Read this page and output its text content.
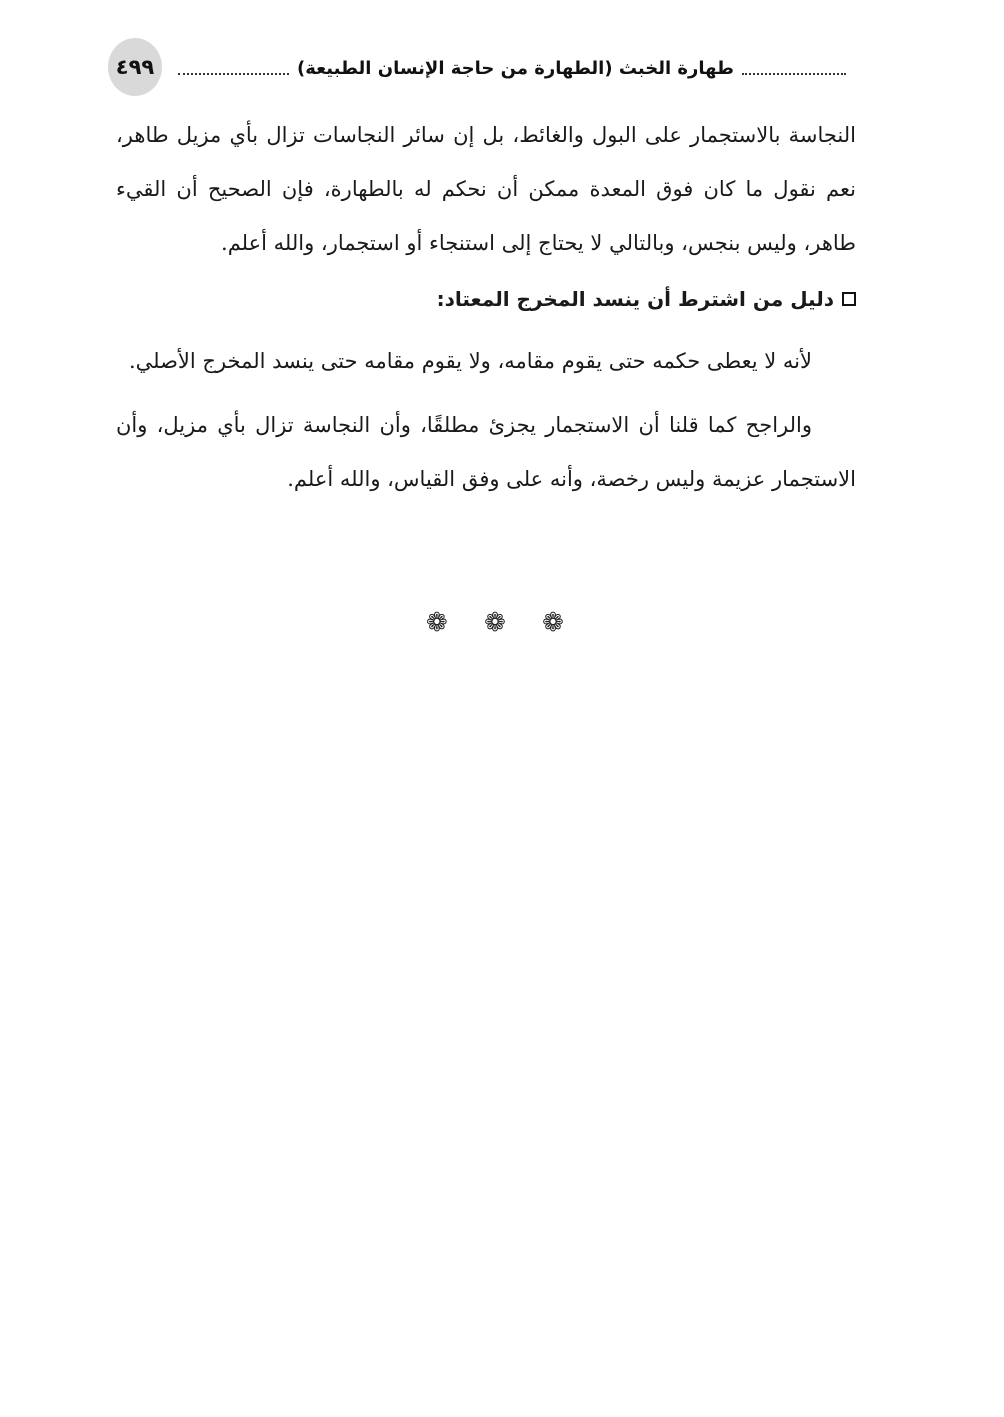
٤٩٩	طهارة الخبث (الطهارة من حاجة الإنسان الطبيعة)

النجاسة بالاستجمار على البول والغائط، بل إن سائر النجاسات تزال بأي مزيل طاهر، نعم نقول ما كان فوق المعدة ممكن أن نحكم له بالطهارة، فإن الصحيح أن القيء طاهر، وليس بنجس، وبالتالي لا يحتاج إلى استنجاء أو استجمار، والله أعلم.

دليل من اشترط أن ينسد المخرج المعتاد:

لأنه لا يعطى حكمه حتى يقوم مقامه، ولا يقوم مقامه حتى ينسد المخرج الأصلي.

والراجح كما قلنا أن الاستجمار يجزئ مطلقًا، وأن النجاسة تزال بأي مزيل، وأن الاستجمار عزيمة وليس رخصة، وأنه على وفق القياس، والله أعلم.

❁ ❁ ❁
